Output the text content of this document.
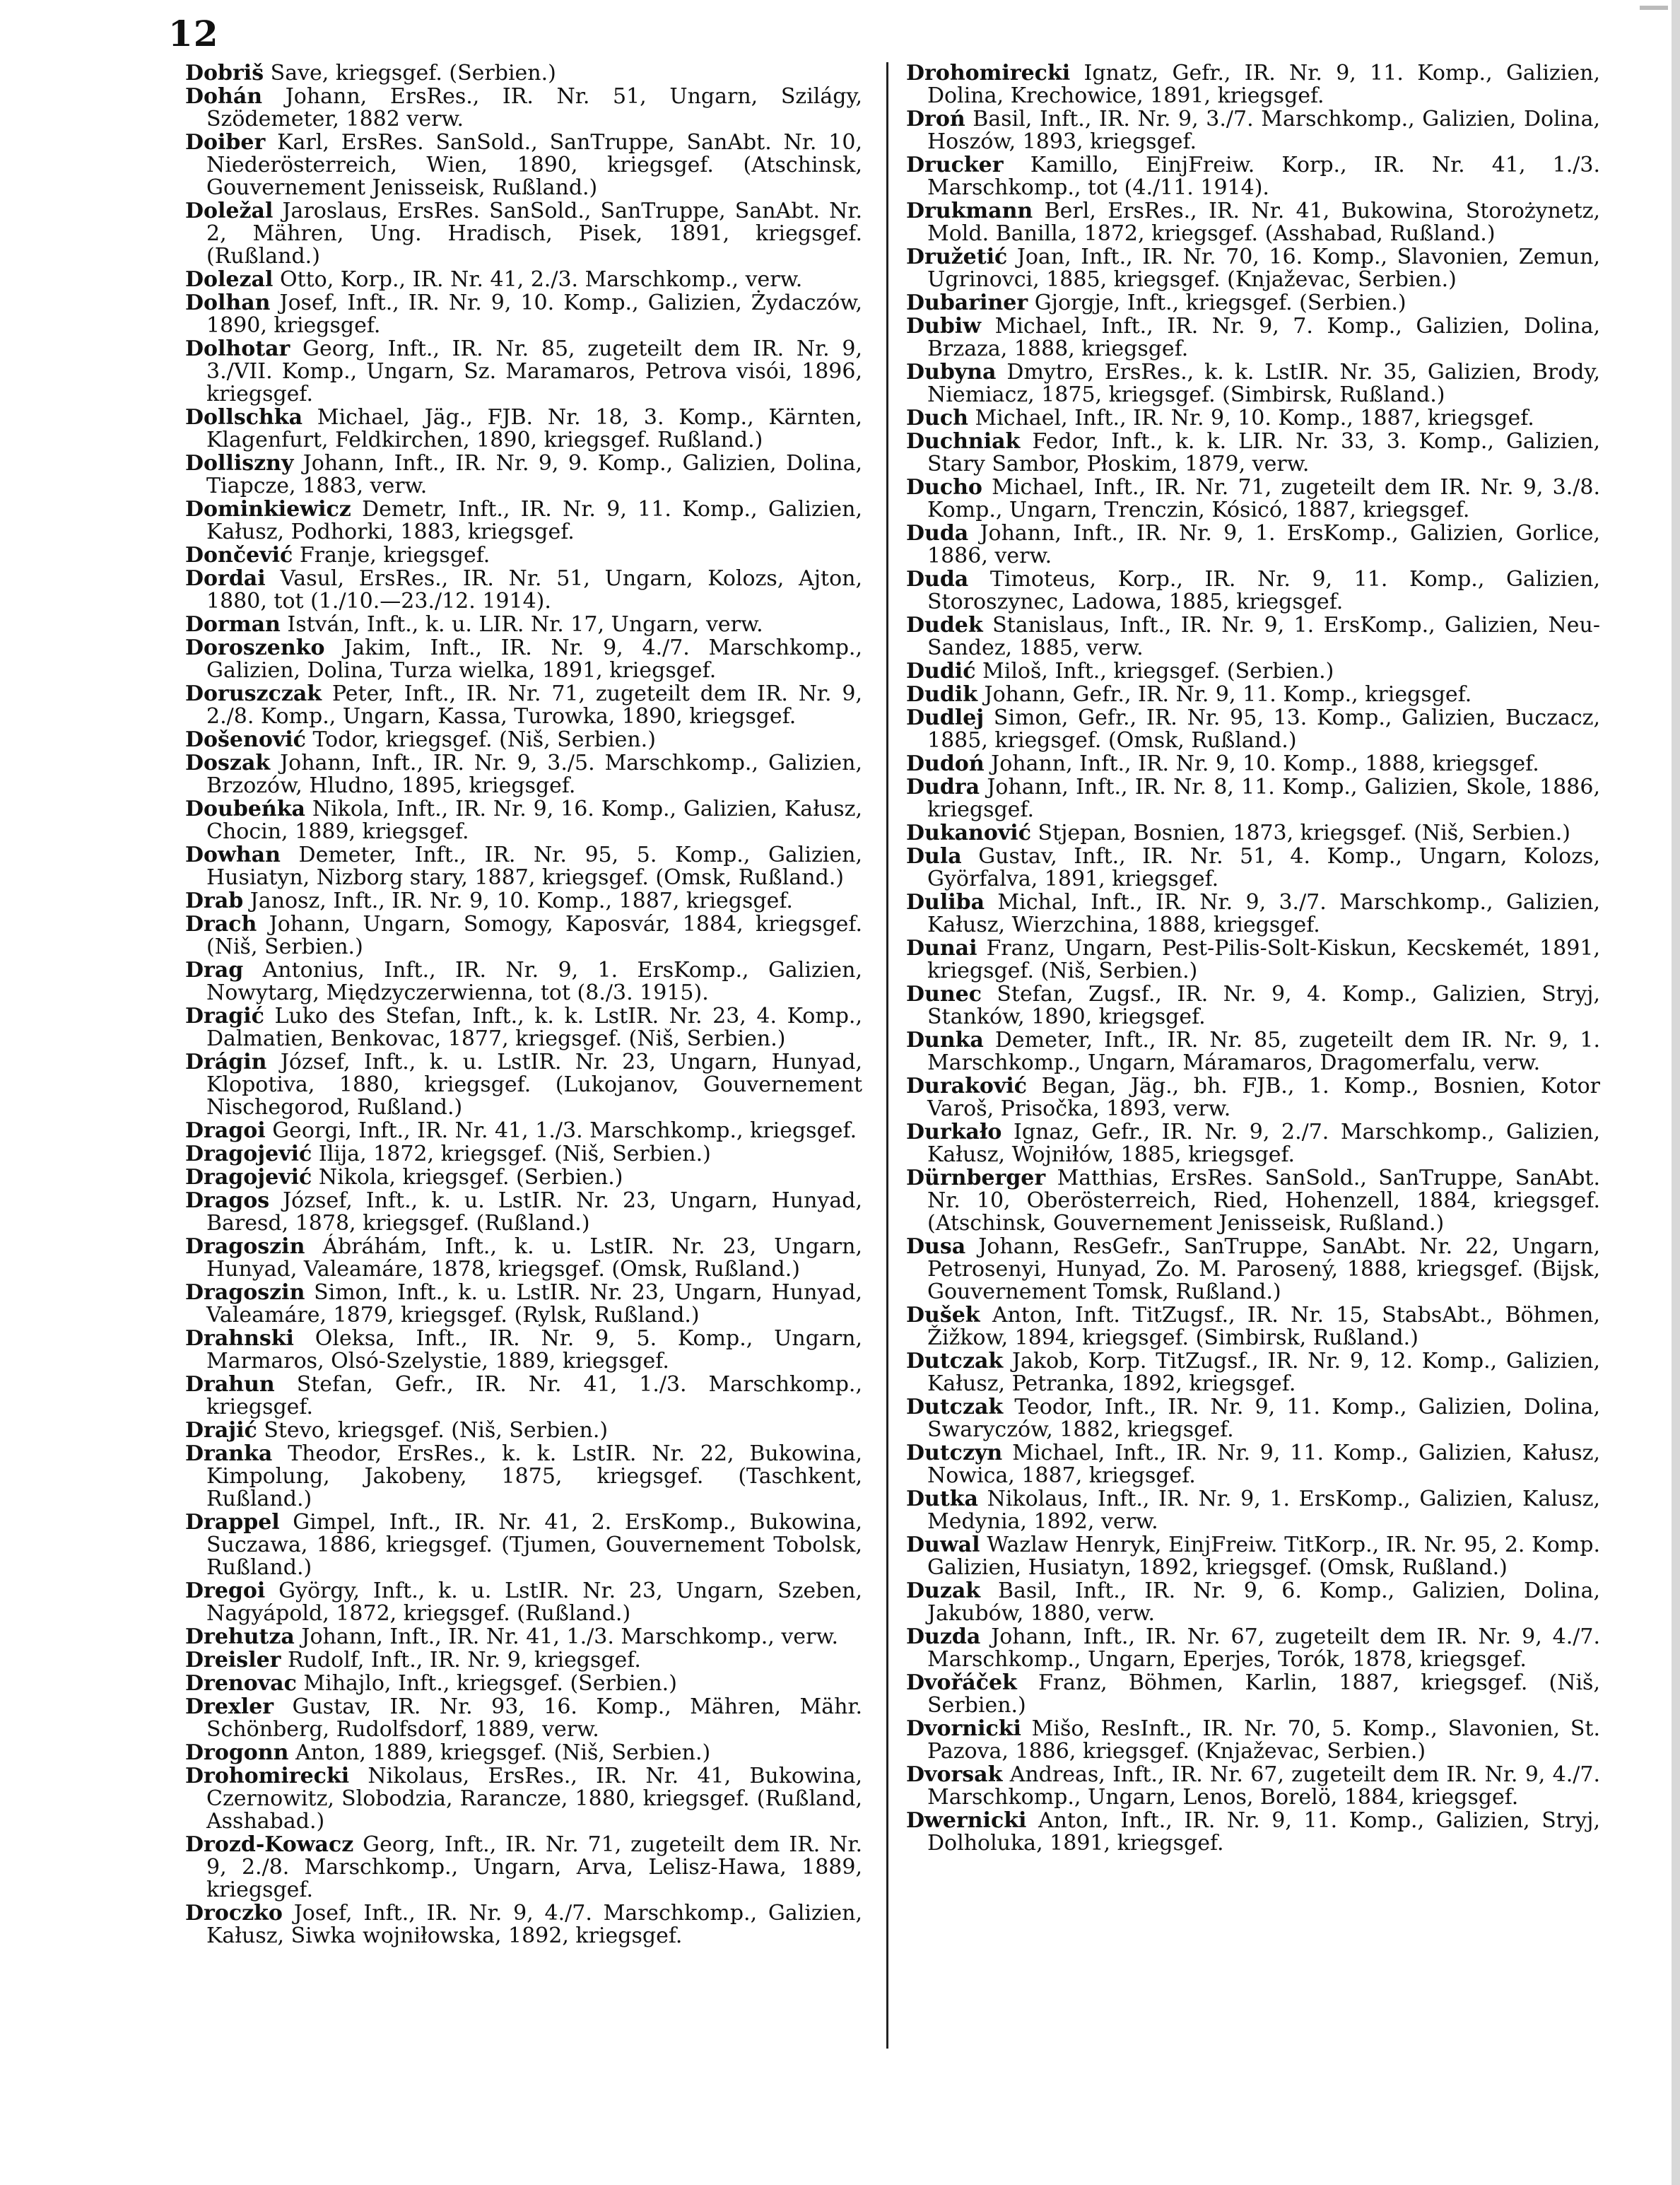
12
Dobriš Save, kriegsgef. (Serbien.)
Dohán Johann, ErsRes., IR. Nr. 51, Ungarn, Szilágy, Szödemeter, 1882 verw.
Doiber Karl, ErsRes. SanSold., SanTruppe, SanAbt. Nr. 10, Niederösterreich, Wien, 1890, kriegsgef. (Atschinsk, Gouvernement Jenisseisk, Rußland.)
Doležal Jaroslaus, ErsRes. SanSold., SanTruppe, SanAbt. Nr. 2, Mähren, Ung. Hradisch, Pisek, 1891, kriegsgef. (Rußland.)
Dolezal Otto, Korp., IR. Nr. 41, 2./3. Marschkomp., verw.
Dolhan Josef, Inft., IR. Nr. 9, 10. Komp., Galizien, Żydaczów, 1890, kriegsgef.
Dolhotar Georg, Inft., IR. Nr. 85, zugeteilt dem IR. Nr. 9, 3./VII. Komp., Ungarn, Sz. Maramaros, Petrova visói, 1896, kriegsgef.
Dollschka Michael, Jäg., FJB. Nr. 18, 3. Komp., Kärnten, Klagenfurt, Feldkirchen, 1890, kriegsgef. Rußland.)
Dolliszny Johann, Inft., IR. Nr. 9, 9. Komp., Galizien, Dolina, Tiapcze, 1883, verw.
Dominkiewicz Demetr, Inft., IR. Nr. 9, 11. Komp., Galizien, Kałusz, Podhorki, 1883, kriegsgef.
Dončević Franje, kriegsgef.
Dordai Vasul, ErsRes., IR. Nr. 51, Ungarn, Kolozs, Ajton, 1880, tot (1./10.—23./12. 1914).
Dorman István, Inft., k. u. LIR. Nr. 17, Ungarn, verw.
Doroszenko Jakim, Inft., IR. Nr. 9, 4./7. Marschkomp., Galizien, Dolina, Turza wielka, 1891, kriegsgef.
Doruszczak Peter, Inft., IR. Nr. 71, zugeteilt dem IR. Nr. 9, 2./8. Komp., Ungarn, Kassa, Turowka, 1890, kriegsgef.
Došenović Todor, kriegsgef. (Niš, Serbien.)
Doszak Johann, Inft., IR. Nr. 9, 3./5. Marschkomp., Galizien, Brzozów, Hludno, 1895, kriegsgef.
Doubeńka Nikola, Inft., IR. Nr. 9, 16. Komp., Galizien, Kałusz, Chocin, 1889, kriegsgef.
Dowhan Demeter, Inft., IR. Nr. 95, 5. Komp., Galizien, Husiatyn, Nizborg stary, 1887, kriegsgef. (Omsk, Rußland.)
Drab Janosz, Inft., IR. Nr. 9, 10. Komp., 1887, kriegsgef.
Drach Johann, Ungarn, Somogy, Kaposvár, 1884, kriegsgef. (Niš, Serbien.)
Drag Antonius, Inft., IR. Nr. 9, 1. ErsKomp., Galizien, Nowytarg, Międzyczerwienna, tot (8./3. 1915).
Dragić Luko des Stefan, Inft., k. k. LstIR. Nr. 23, 4. Komp., Dalmatien, Benkovac, 1877, kriegsgef. (Niš, Serbien.)
Drágin József, Inft., k. u. LstIR. Nr. 23, Ungarn, Hunyad, Klopotiva, 1880, kriegsgef. (Lukojanov, Gouvernement Nischegorod, Rußland.)
Dragoi Georgi, Inft., IR. Nr. 41, 1./3. Marschkomp., kriegsgef.
Dragojević Ilija, 1872, kriegsgef. (Niš, Serbien.)
Dragojević Nikola, kriegsgef. (Serbien.)
Dragos József, Inft., k. u. LstIR. Nr. 23, Ungarn, Hunyad, Baresd, 1878, kriegsgef. (Rußland.)
Dragoszin Ábráhám, Inft., k. u. LstIR. Nr. 23, Ungarn, Hunyad, Valeamáre, 1878, kriegsgef. (Omsk, Rußland.)
Dragoszin Simon, Inft., k. u. LstIR. Nr. 23, Ungarn, Hunyad, Valeamáre, 1879, kriegsgef. (Rylsk, Rußland.)
Drahnski Oleksa, Inft., IR. Nr. 9, 5. Komp., Ungarn, Marmaros, Olsó-Szelystie, 1889, kriegsgef.
Drahun Stefan, Gefr., IR. Nr. 41, 1./3. Marschkomp., kriegsgef.
Drajić Stevo, kriegsgef. (Niš, Serbien.)
Dranka Theodor, ErsRes., k. k. LstIR. Nr. 22, Bukowina, Kimpolung, Jakobeny, 1875, kriegsgef. (Taschkent, Rußland.)
Drappel Gimpel, Inft., IR. Nr. 41, 2. ErsKomp., Bukowina, Suczawa, 1886, kriegsgef. (Tjumen, Gouvernement Tobolsk, Rußland.)
Dregoi György, Inft., k. u. LstIR. Nr. 23, Ungarn, Szeben, Nagyápold, 1872, kriegsgef. (Rußland.)
Drehutza Johann, Inft., IR. Nr. 41, 1./3. Marschkomp., verw.
Dreisler Rudolf, Inft., IR. Nr. 9, kriegsgef.
Drenovac Mihajlo, Inft., kriegsgef. (Serbien.)
Drexler Gustav, IR. Nr. 93, 16. Komp., Mähren, Mähr. Schönberg, Rudolfsdorf, 1889, verw.
Drogonn Anton, 1889, kriegsgef. (Niš, Serbien.)
Drohomirecki Nikolaus, ErsRes., IR. Nr. 41, Bukowina, Czernowitz, Slobodzia, Rarancze, 1880, kriegsgef. (Rußland, Asshabad.)
Drozd-Kowacz Georg, Inft., IR. Nr. 71, zugeteilt dem IR. Nr. 9, 2./8. Marschkomp., Ungarn, Arva, Lelisz-Hawa, 1889, kriegsgef.
Droczko Josef, Inft., IR. Nr. 9, 4./7. Marschkomp., Galizien, Kałusz, Siwka wojniłowska, 1892, kriegsgef.
Drohomirecki Ignatz, Gefr., IR. Nr. 9, 11. Komp., Galizien, Dolina, Krechowice, 1891, kriegsgef.
Droń Basil, Inft., IR. Nr. 9, 3./7. Marschkomp., Galizien, Dolina, Hoszów, 1893, kriegsgef.
Drucker Kamillo, EinjFreiw. Korp., IR. Nr. 41, 1./3. Marschkomp., tot (4./11. 1914).
Drukmann Berl, ErsRes., IR. Nr. 41, Bukowina, Storożynetz, Mold. Banilla, 1872, kriegsgef. (Asshabad, Rußland.)
Družetić Joan, Inft., IR. Nr. 70, 16. Komp., Slavonien, Zemun, Ugrinovci, 1885, kriegsgef. (Knjaževac, Serbien.)
Dubariner Gjorgje, Inft., kriegsgef. (Serbien.)
Dubiw Michael, Inft., IR. Nr. 9, 7. Komp., Galizien, Dolina, Brzaza, 1888, kriegsgef.
Dubyna Dmytro, ErsRes., k. k. LstIR. Nr. 35, Galizien, Brody, Niemiacz, 1875, kriegsgef. (Simbirsk, Rußland.)
Duch Michael, Inft., IR. Nr. 9, 10. Komp., 1887, kriegsgef.
Duchniak Fedor, Inft., k. k. LIR. Nr. 33, 3. Komp., Galizien, Stary Sambor, Płoskim, 1879, verw.
Ducho Michael, Inft., IR. Nr. 71, zugeteilt dem IR. Nr. 9, 3./8. Komp., Ungarn, Trenczin, Kósicó, 1887, kriegsgef.
Duda Johann, Inft., IR. Nr. 9, 1. ErsKomp., Galizien, Gorlice, 1886, verw.
Duda Timoteus, Korp., IR. Nr. 9, 11. Komp., Galizien, Storoszynec, Ladowa, 1885, kriegsgef.
Dudek Stanislaus, Inft., IR. Nr. 9, 1. ErsKomp., Galizien, Neu-Sandez, 1885, verw.
Dudić Miloš, Inft., kriegsgef. (Serbien.)
Dudik Johann, Gefr., IR. Nr. 9, 11. Komp., kriegsgef.
Dudlej Simon, Gefr., IR. Nr. 95, 13. Komp., Galizien, Buczacz, 1885, kriegsgef. (Omsk, Rußland.)
Dudoń Johann, Inft., IR. Nr. 9, 10. Komp., 1888, kriegsgef.
Dudra Johann, Inft., IR. Nr. 8, 11. Komp., Galizien, Skole, 1886, kriegsgef.
Dukanović Stjepan, Bosnien, 1873, kriegsgef. (Niš, Serbien.)
Dula Gustav, Inft., IR. Nr. 51, 4. Komp., Ungarn, Kolozs, Györfalva, 1891, kriegsgef.
Duliba Michal, Inft., IR. Nr. 9, 3./7. Marschkomp., Galizien, Kałusz, Wierzchina, 1888, kriegsgef.
Dunai Franz, Ungarn, Pest-Pilis-Solt-Kiskun, Kecskemét, 1891, kriegsgef. (Niš, Serbien.)
Dunec Stefan, Zugsf., IR. Nr. 9, 4. Komp., Galizien, Stryj, Stanków, 1890, kriegsgef.
Dunka Demeter, Inft., IR. Nr. 85, zugeteilt dem IR. Nr. 9, 1. Marschkomp., Ungarn, Máramaros, Dragomerfalu, verw.
Duraković Began, Jäg., bh. FJB., 1. Komp., Bosnien, Kotor Varoš, Prisočka, 1893, verw.
Durkało Ignaz, Gefr., IR. Nr. 9, 2./7. Marschkomp., Galizien, Kałusz, Wojniłów, 1885, kriegsgef.
Dürnberger Matthias, ErsRes. SanSold., SanTruppe, SanAbt. Nr. 10, Oberösterreich, Ried, Hohenzell, 1884, kriegsgef. (Atschinsk, Gouvernement Jenisseisk, Rußland.)
Dusa Johann, ResGefr., SanTruppe, SanAbt. Nr. 22, Ungarn, Petrosenyi, Hunyad, Zo. M. Parosený, 1888, kriegsgef. (Bijsk, Gouvernement Tomsk, Rußland.)
Dušek Anton, Inft. TitZugsf., IR. Nr. 15, StabsAbt., Böhmen, Žižkow, 1894, kriegsgef. (Simbirsk, Rußland.)
Dutczak Jakob, Korp. TitZugsf., IR. Nr. 9, 12. Komp., Galizien, Kałusz, Petranka, 1892, kriegsgef.
Dutczak Teodor, Inft., IR. Nr. 9, 11. Komp., Galizien, Dolina, Swaryczów, 1882, kriegsgef.
Dutczyn Michael, Inft., IR. Nr. 9, 11. Komp., Galizien, Kałusz, Nowica, 1887, kriegsgef.
Dutka Nikolaus, Inft., IR. Nr. 9, 1. ErsKomp., Galizien, Kalusz, Medynia, 1892, verw.
Duwal Wazlaw Henryk, EinjFreiw. TitKorp., IR. Nr. 95, 2. Komp. Galizien, Husiatyn, 1892, kriegsgef. (Omsk, Rußland.)
Duzak Basil, Inft., IR. Nr. 9, 6. Komp., Galizien, Dolina, Jakubów, 1880, verw.
Duzda Johann, Inft., IR. Nr. 67, zugeteilt dem IR. Nr. 9, 4./7. Marschkomp., Ungarn, Eperjes, Torók, 1878, kriegsgef.
Dvořáček Franz, Böhmen, Karlin, 1887, kriegsgef. (Niš, Serbien.)
Dvornicki Mišo, ResInft., IR. Nr. 70, 5. Komp., Slavonien, St. Pazova, 1886, kriegsgef. (Knjaževac, Serbien.)
Dvorsak Andreas, Inft., IR. Nr. 67, zugeteilt dem IR. Nr. 9, 4./7. Marschkomp., Ungarn, Lenos, Borelö, 1884, kriegsgef.
Dwernicki Anton, Inft., IR. Nr. 9, 11. Komp., Galizien, Stryj, Dolholuka, 1891, kriegsgef.
